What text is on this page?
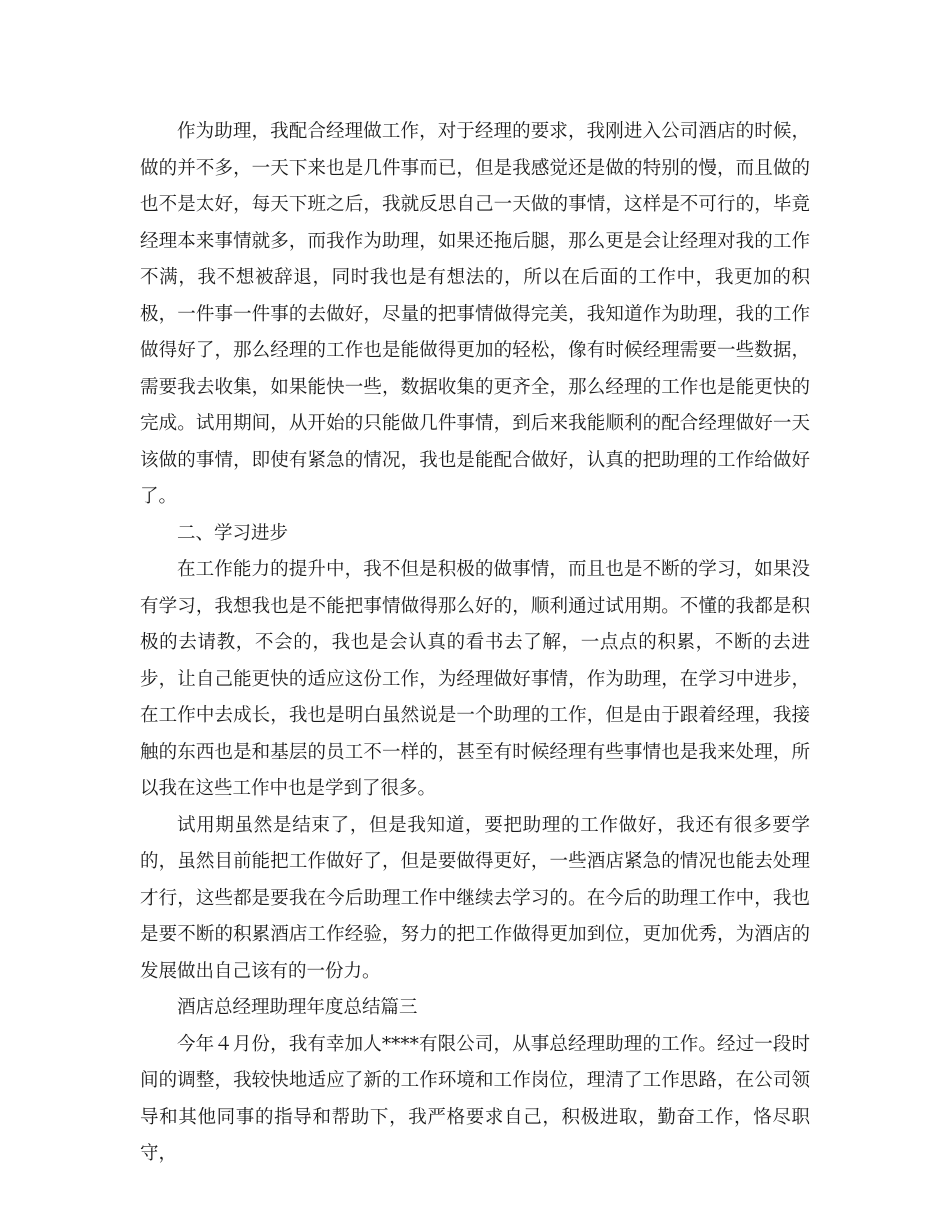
作为助理，我配合经理做工作，对于经理的要求，我刚进入公司酒店的时候，做的并不多，一天下来也是几件事而已，但是我感觉还是做的特别的慢，而且做的也不是太好，每天下班之后，我就反思自己一天做的事情，这样是不可行的，毕竟经理本来事情就多，而我作为助理，如果还拖后腿，那么更是会让经理对我的工作不满，我不想被辞退，同时我也是有想法的，所以在后面的工作中，我更加的积极，一件事一件事的去做好，尽量的把事情做得完美，我知道作为助理，我的工作做得好了，那么经理的工作也是能做得更加的轻松，像有时候经理需要一些数据，需要我去收集，如果能快一些，数据收集的更齐全，那么经理的工作也是能更快的完成。试用期间，从开始的只能做几件事情，到后来我能顺利的配合经理做好一天该做的事情，即使有紧急的情况，我也是能配合做好，认真的把助理的工作给做好了。

二、学习进步

在工作能力的提升中，我不但是积极的做事情，而且也是不断的学习，如果没有学习，我想我也是不能把事情做得那么好的，顺利通过试用期。不懂的我都是积极的去请教，不会的，我也是会认真的看书去了解，一点点的积累，不断的去进步，让自己能更快的适应这份工作，为经理做好事情，作为助理，在学习中进步，在工作中去成长，我也是明白虽然说是一个助理的工作，但是由于跟着经理，我接触的东西也是和基层的员工不一样的，甚至有时候经理有些事情也是我来处理，所以我在这些工作中也是学到了很多。

试用期虽然是结束了，但是我知道，要把助理的工作做好，我还有很多要学的，虽然目前能把工作做好了，但是要做得更好，一些酒店紧急的情况也能去处理才行，这些都是要我在今后助理工作中继续去学习的。在今后的助理工作中，我也是要不断的积累酒店工作经验，努力的把工作做得更加到位，更加优秀，为酒店的发展做出自己该有的一份力。

酒店总经理助理年度总结篇三

今年４月份，我有幸加人****有限公司，从事总经理助理的工作。经过一段时间的调整，我较快地适应了新的工作环境和工作岗位，理清了工作思路，在公司领导和其他同事的指导和帮助下，我严格要求自己，积极进取，勤奋工作，恪尽职守，
